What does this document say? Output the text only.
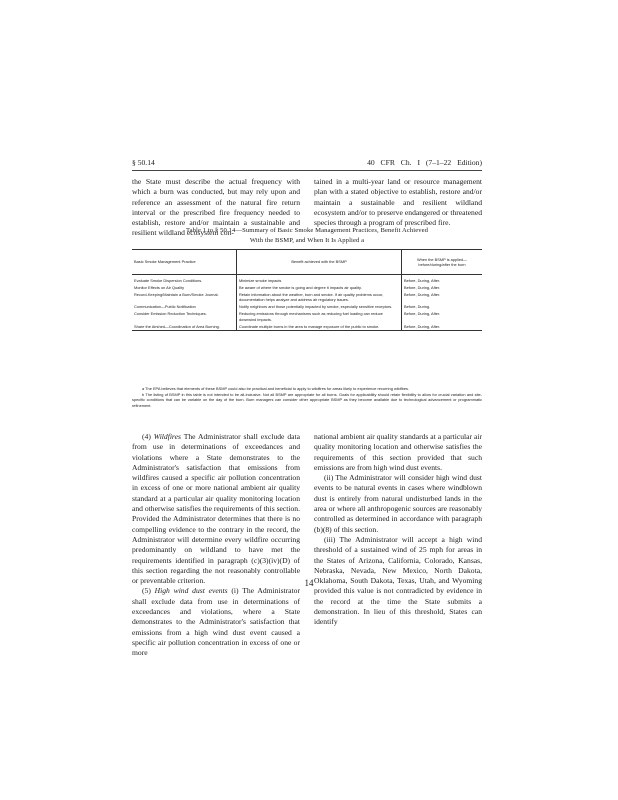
§ 50.14	40 CFR Ch. I (7–1–22 Edition)

the State must describe the actual frequency with which a burn was conducted, but may rely upon and reference an assessment of the natural fire return interval or the prescribed fire frequency needed to establish, restore and/or maintain a sustainable and resilient wildland ecosystem con-

tained in a multi-year land or resource management plan with a stated objective to establish, restore and/or maintain a sustainable and resilient wildland ecosystem and/or to preserve endangered or threatened species through a program of prescribed fire.

Table 1 to § 50.14—Summary of Basic Smoke Management Practices, Benefit Achieved
With the BSMP, and When It Is Applied a
Basic Smoke Management Practice	Benefit achieved with the BSMP	When the BSMP is applied—before/during/after the burn
Evaluate Smoke Dispersion Conditions.	Minimize smoke impacts	Before, During, After.
Monitor Effects on Air Quality	Be aware of where the smoke is going and degree it impacts air quality.	Before, During, After.
Record-Keeping/Maintain a Burn/Smoke Journal.	Retain information about the weather, burn and smoke. If air quality problems occur, documentation helps analyze and address air regulatory issues.	Before, During, After.
Communication—Public Notification	Notify neighbors and those potentially impacted by smoke, especially sensitive receptors.	Before, During.
Consider Emission Reduction Techniques.	Reducing emissions through mechanisms such as reducing fuel loading can reduce downwind impacts.	Before, During, After.
Share the Airshed—Coordination of Area Burning.	Coordinate multiple burns in the area to manage exposure of the public to smoke.	Before, During, After.

a The EPA believes that elements of these BSMP could also be practical and beneficial to apply to wildfires for areas likely to experience recurring wildfires.

b The listing of BSMP in this table is not intended to be all-inclusive. Not all BSMP are appropriate for all burns. Goals for applicability should retain flexibility to allow for crucial variation and site-specific conditions that can be variable on the day of the burn. Burn managers can consider other appropriate BSMP as they become available due to technological advancement or programmatic refinement.

(4) Wildfires The Administrator shall exclude data from use in determinations of exceedances and violations where a State demonstrates to the Administrator's satisfaction that emissions from wildfires caused a specific air pollution concentration in excess of one or more national ambient air quality standard at a particular air quality monitoring location and otherwise satisfies the requirements of this section. Provided the Administrator determines that there is no compelling evidence to the contrary in the record, the Administrator will determine every wildfire occurring predominantly on wildland to have met the requirements identified in paragraph (c)(3)(iv)(D) of this section regarding the not reasonably controllable or preventable criterion.

(5) High wind dust events (i) The Administrator shall exclude data from use in determinations of exceedances and violations, where a State demonstrates to the Administrator's satisfaction that emissions from a high wind dust event caused a specific air pollution concentration in excess of one or more

national ambient air quality standards at a particular air quality monitoring location and otherwise satisfies the requirements of this section provided that such emissions are from high wind dust events.

(ii) The Administrator will consider high wind dust events to be natural events in cases where windblown dust is entirely from natural undisturbed lands in the area or where all anthropogenic sources are reasonably controlled as determined in accordance with paragraph (b)(8) of this section.

(iii) The Administrator will accept a high wind threshold of a sustained wind of 25 mph for areas in the States of Arizona, California, Colorado, Kansas, Nebraska, Nevada, New Mexico, North Dakota, Oklahoma, South Dakota, Texas, Utah, and Wyoming provided this value is not contradicted by evidence in the record at the time the State submits a demonstration. In lieu of this threshold, States can identify

14
